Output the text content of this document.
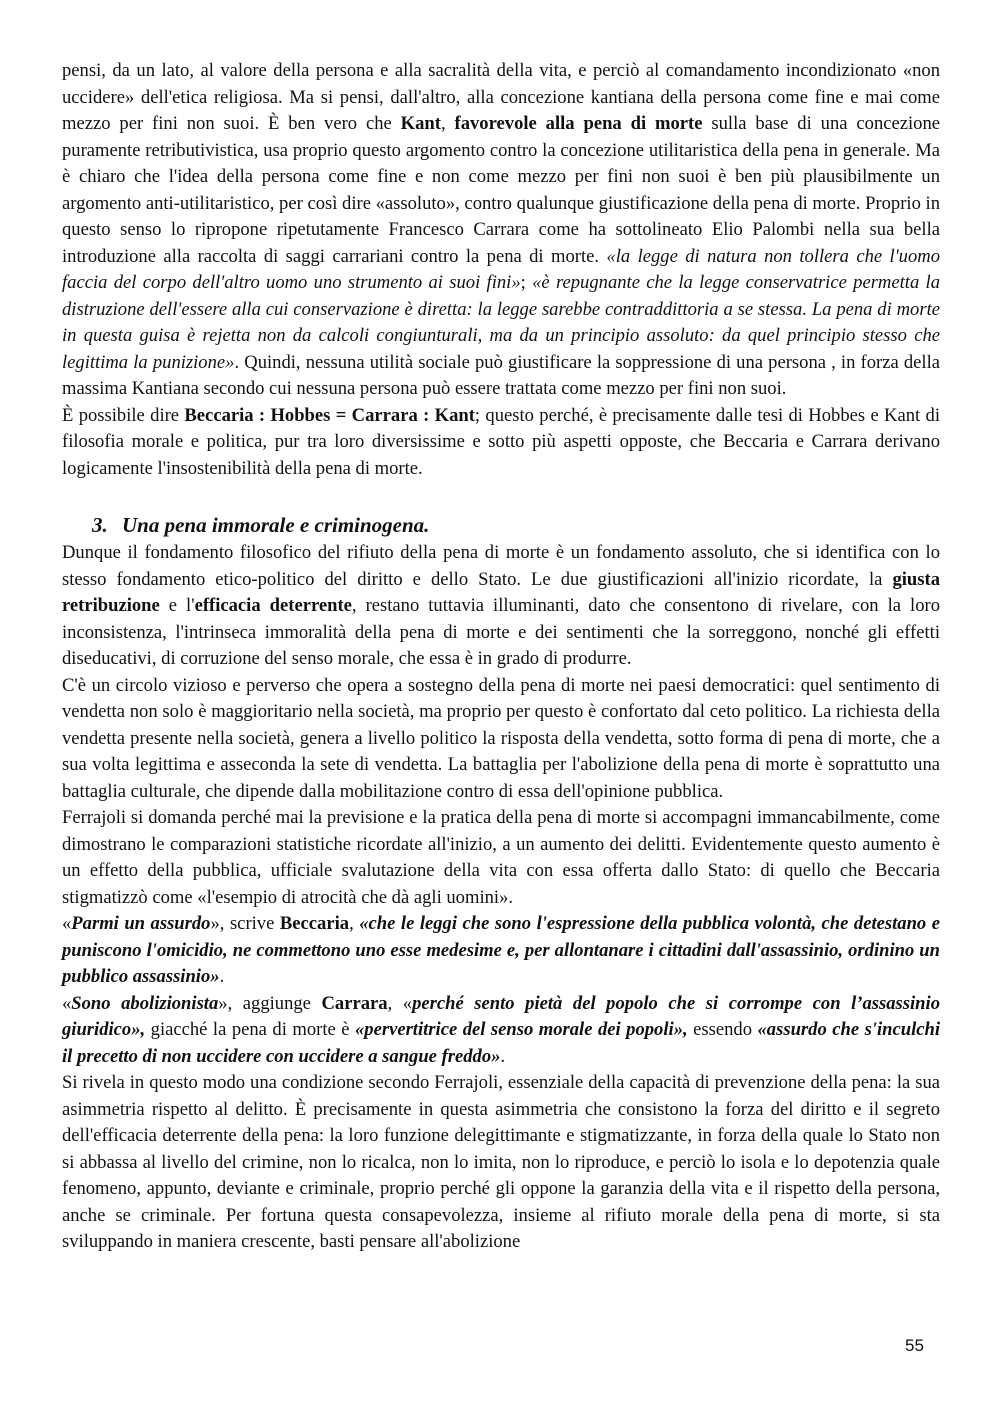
pensi, da un lato, al valore della persona e alla sacralità della vita, e perciò al comandamento incondizionato «non uccidere» dell'etica religiosa. Ma si pensi, dall'altro, alla concezione kantiana della persona come fine e mai come mezzo per fini non suoi. È ben vero che Kant, favorevole alla pena di morte sulla base di una concezione puramente retributivistica, usa proprio questo argomento contro la concezione utilitaristica della pena in generale. Ma è chiaro che l'idea della persona come fine e non come mezzo per fini non suoi è ben più plausibilmente un argomento anti-utilitaristico, per così dire «assoluto», contro qualunque giustificazione della pena di morte. Proprio in questo senso lo ripropone ripetutamente Francesco Carrara come ha sottolineato Elio Palombi nella sua bella introduzione alla raccolta di saggi carrariani contro la pena di morte. «la legge di natura non tollera che l'uomo faccia del corpo dell'altro uomo uno strumento ai suoi fini»; «è repugnante che la legge conservatrice permetta la distruzione dell'essere alla cui conservazione è diretta: la legge sarebbe contraddittoria a se stessa. La pena di morte in questa guisa è rejetta non da calcoli congiunturali, ma da un principio assoluto: da quel principio stesso che legittima la punizione». Quindi, nessuna utilità sociale può giustificare la soppressione di una persona , in forza della massima Kantiana secondo cui nessuna persona può essere trattata come mezzo per fini non suoi.

È possibile dire Beccaria : Hobbes = Carrara : Kant; questo perché, è precisamente dalle tesi di Hobbes e Kant di filosofia morale e politica, pur tra loro diversissime e sotto più aspetti opposte, che Beccaria e Carrara derivano logicamente l'insostenibilità della pena di morte.

3. Una pena immorale e criminogena.

Dunque il fondamento filosofico del rifiuto della pena di morte è un fondamento assoluto, che si identifica con lo stesso fondamento etico-politico del diritto e dello Stato. Le due giustificazioni all'inizio ricordate, la giusta retribuzione e l'efficacia deterrente, restano tuttavia illuminanti, dato che consentono di rivelare, con la loro inconsistenza, l'intrinseca immoralità della pena di morte e dei sentimenti che la sorreggono, nonché gli effetti diseducativi, di corruzione del senso morale, che essa è in grado di produrre.

C'è un circolo vizioso e perverso che opera a sostegno della pena di morte nei paesi democratici: quel sentimento di vendetta non solo è maggioritario nella società, ma proprio per questo è confortato dal ceto politico. La richiesta della vendetta presente nella società, genera a livello politico la risposta della vendetta, sotto forma di pena di morte, che a sua volta legittima e asseconda la sete di vendetta. La battaglia per l'abolizione della pena di morte è soprattutto una battaglia culturale, che dipende dalla mobilitazione contro di essa dell'opinione pubblica.

Ferrajoli si domanda perché mai la previsione e la pratica della pena di morte si accompagni immancabilmente, come dimostrano le comparazioni statistiche ricordate all'inizio, a un aumento dei delitti. Evidentemente questo aumento è un effetto della pubblica, ufficiale svalutazione della vita con essa offerta dallo Stato: di quello che Beccaria stigmatizzò come «l'esempio di atrocità che dà agli uomini».

«Parmi un assurdo», scrive Beccaria, «che le leggi che sono l'espressione della pubblica volontà, che detestano e puniscono l'omicidio, ne commettono uno esse medesime e, per allontanare i cittadini dall'assassinio, ordinino un pubblico assassinio».

«Sono abolizionista», aggiunge Carrara, «perché sento pietà del popolo che si corrompe con l’assassinio giuridico», giacché la pena di morte è «pervertitrice del senso morale dei popoli», essendo «assurdo che s'inculchi il precetto di non uccidere con uccidere a sangue freddo».

Si rivela in questo modo una condizione secondo Ferrajoli, essenziale della capacità di prevenzione della pena: la sua asimmetria rispetto al delitto. È precisamente in questa asimmetria che consistono la forza del diritto e il segreto dell'efficacia deterrente della pena: la loro funzione delegittimante e stigmatizzante, in forza della quale lo Stato non si abbassa al livello del crimine, non lo ricalca, non lo imita, non lo riproduce, e perciò lo isola e lo depotenzia quale fenomeno, appunto, deviante e criminale, proprio perché gli oppone la garanzia della vita e il rispetto della persona, anche se criminale. Per fortuna questa consapevolezza, insieme al rifiuto morale della pena di morte, si sta sviluppando in maniera crescente, basti pensare all'abolizione

55
